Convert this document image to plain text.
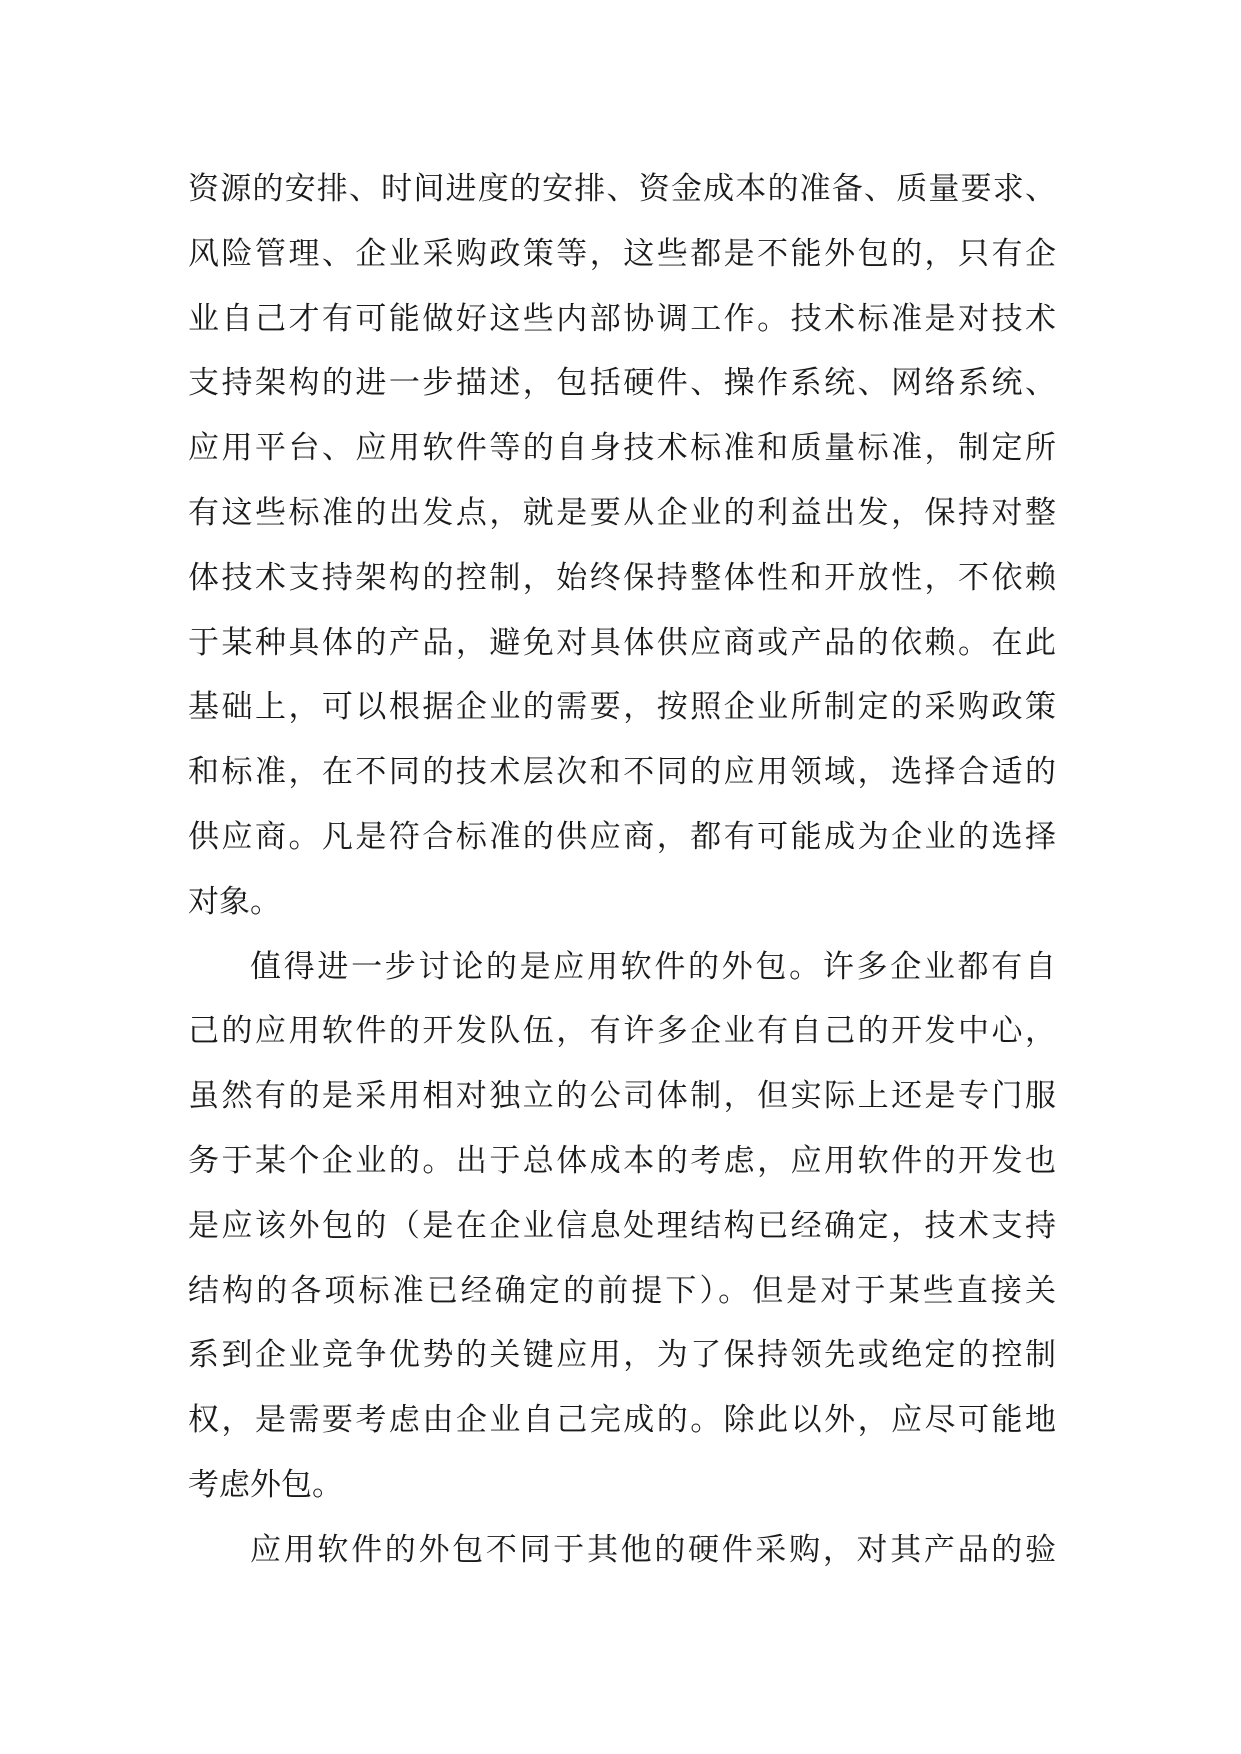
资源的安排、时间进度的安排、资金成本的准备、质量要求、
风险管理、企业采购政策等，这些都是不能外包的，只有企
业自己才有可能做好这些内部协调工作。技术标准是对技术
支持架构的进一步描述，包括硬件、操作系统、网络系统、
应用平台、应用软件等的自身技术标准和质量标准，制定所
有这些标准的出发点，就是要从企业的利益出发，保持对整
体技术支持架构的控制，始终保持整体性和开放性，不依赖
于某种具体的产品，避免对具体供应商或产品的依赖。在此
基础上，可以根据企业的需要，按照企业所制定的采购政策
和标准，在不同的技术层次和不同的应用领域，选择合适的
供应商。凡是符合标准的供应商，都有可能成为企业的选择
对象。
值得进一步讨论的是应用软件的外包。许多企业都有自
己的应用软件的开发队伍，有许多企业有自己的开发中心，
虽然有的是采用相对独立的公司体制，但实际上还是专门服
务于某个企业的。出于总体成本的考虑，应用软件的开发也
是应该外包的（是在企业信息处理结构已经确定，技术支持
结构的各项标准已经确定的前提下）。但是对于某些直接关
系到企业竞争优势的关键应用，为了保持领先或绝定的控制
权，是需要考虑由企业自己完成的。除此以外，应尽可能地
考虑外包。
应用软件的外包不同于其他的硬件采购，对其产品的验
